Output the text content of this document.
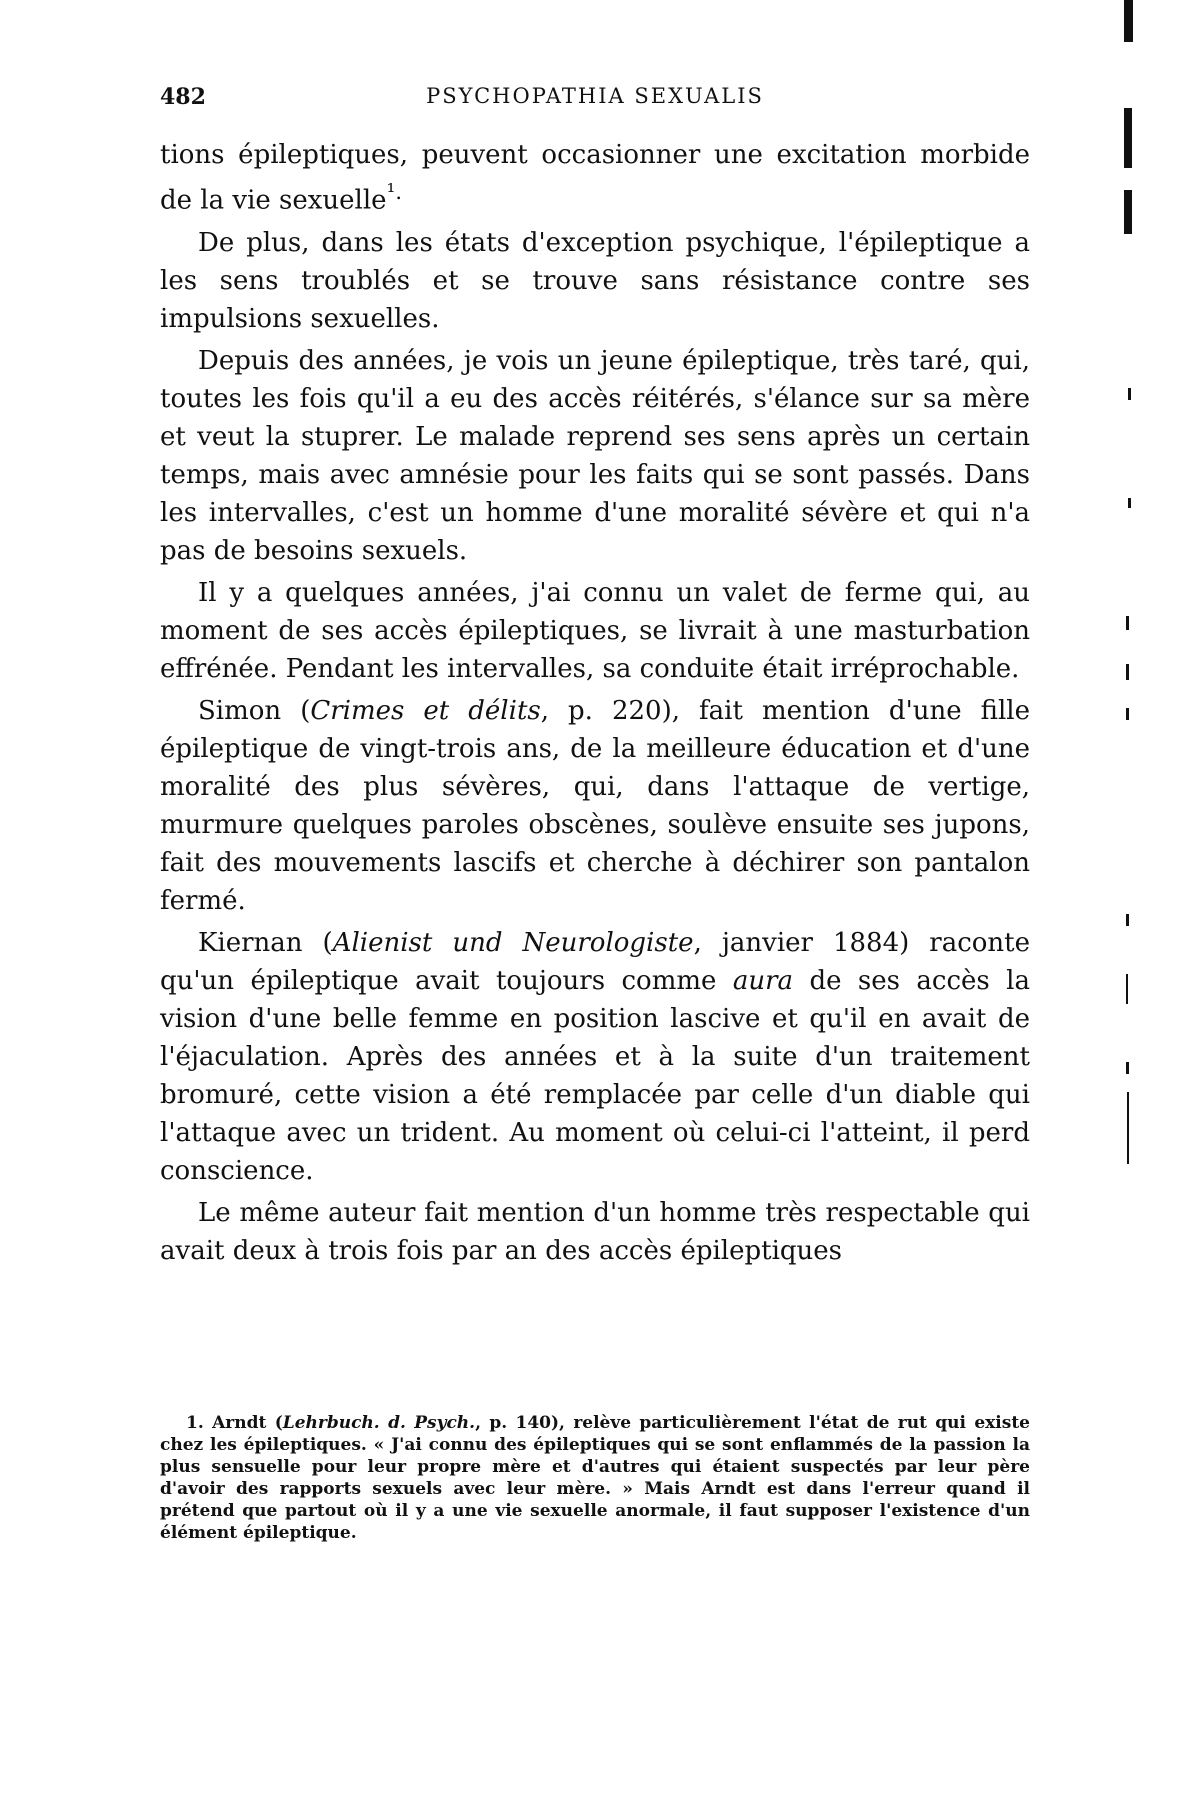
482	PSYCHOPATHIA SEXUALIS

tions épileptiques, peuvent occasionner une excitation morbide de la vie sexuelle$^{^1.}$

De plus, dans les états d'exception psychique, l'épileptique a les sens troublés et se trouve sans résistance contre ses impulsions sexuelles.

Depuis des années, je vois un jeune épileptique, très taré, qui, toutes les fois qu'il a eu des accès réitérés, s'élance sur sa mère et veut la stuprer. Le malade reprend ses sens après un certain temps, mais avec amnésie pour les faits qui se sont passés. Dans les intervalles, c'est un homme d'une moralité sévère et qui n'a pas de besoins sexuels.

Il y a quelques années, j'ai connu un valet de ferme qui, au moment de ses accès épileptiques, se livrait à une masturbation effrénée. Pendant les intervalles, sa conduite était irréprochable.

Simon (Crimes et délits, p. 220), fait mention d'une fille épileptique de vingt-trois ans, de la meilleure éducation et d'une moralité des plus sévères, qui, dans l'attaque de vertige, murmure quelques paroles obscènes, soulève ensuite ses jupons, fait des mouvements lascifs et cherche à déchirer son pantalon fermé.

Kiernan (Alienist und Neurologiste, janvier 1884) raconte qu'un épileptique avait toujours comme aura de ses accès la vision d'une belle femme en position lascive et qu'il en avait de l'éjaculation. Après des années et à la suite d'un traitement bromuré, cette vision a été remplacée par celle d'un diable qui l'attaque avec un trident. Au moment où celui-ci l'atteint, il perd conscience.

Le même auteur fait mention d'un homme très respectable qui avait deux à trois fois par an des accès épileptiques

1. Arndt (Lehrbuch. d. Psych., p. 140), relève particulièrement l'état de rut qui existe chez les épileptiques. « J'ai connu des épileptiques qui se sont enflammés de la passion la plus sensuelle pour leur propre mère et d'autres qui étaient suspectés par leur père d'avoir des rapports sexuels avec leur mère. » Mais Arndt est dans l'erreur quand il prétend que partout où il y a une vie sexuelle anormale, il faut supposer l'existence d'un élément épileptique.
